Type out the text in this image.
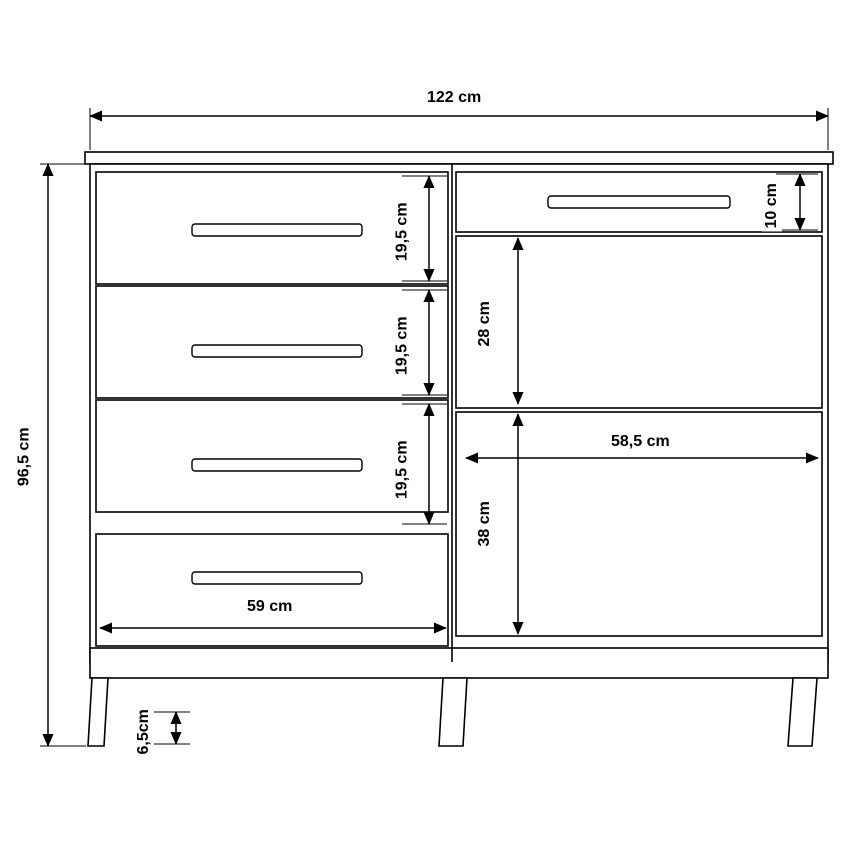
122 cm
96,5 cm
19,5 cm
19,5 cm
19,5 cm
59 cm
10 cm
28 cm
38 cm
58,5 cm
6,5cm
